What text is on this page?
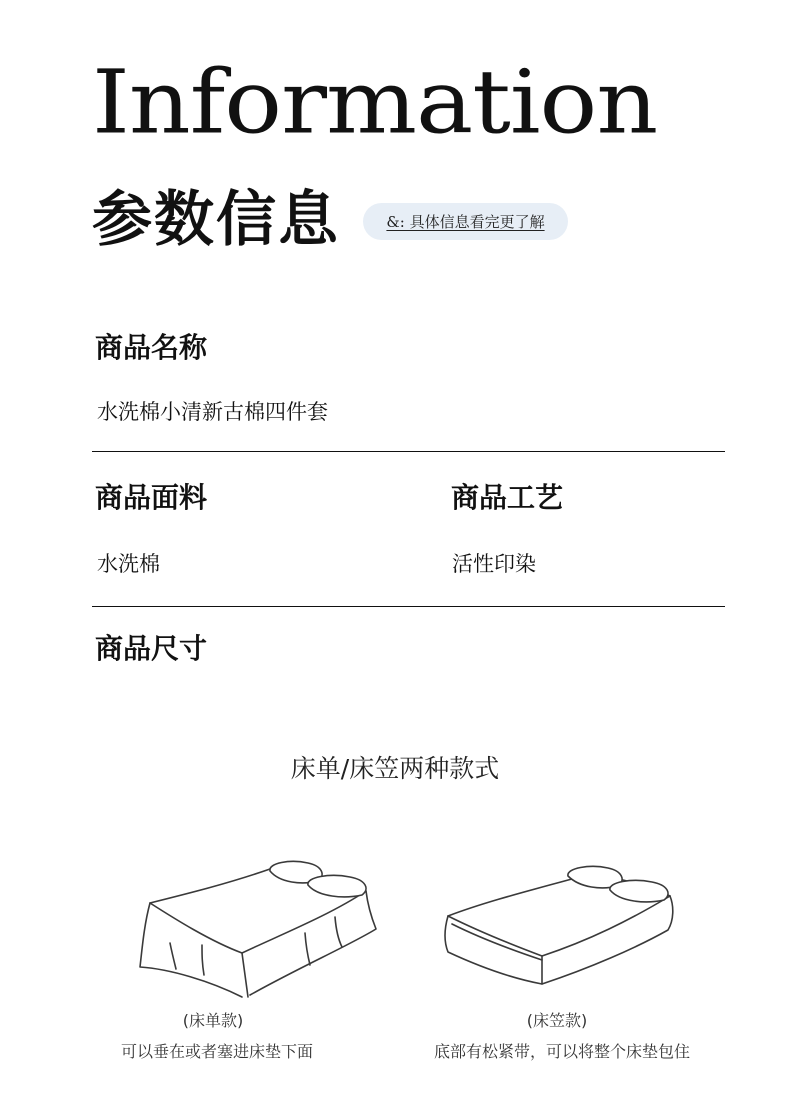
Information
参数信息	&: 具体信息看完更了解
商品名称
水洗棉小清新古棉四件套
商品面料
水洗棉
商品工艺
活性印染
商品尺寸
床单/床笠两种款式
(床单款)
可以垂在或者塞进床垫下面
(床笠款)
底部有松紧带，可以将整个床垫包住
